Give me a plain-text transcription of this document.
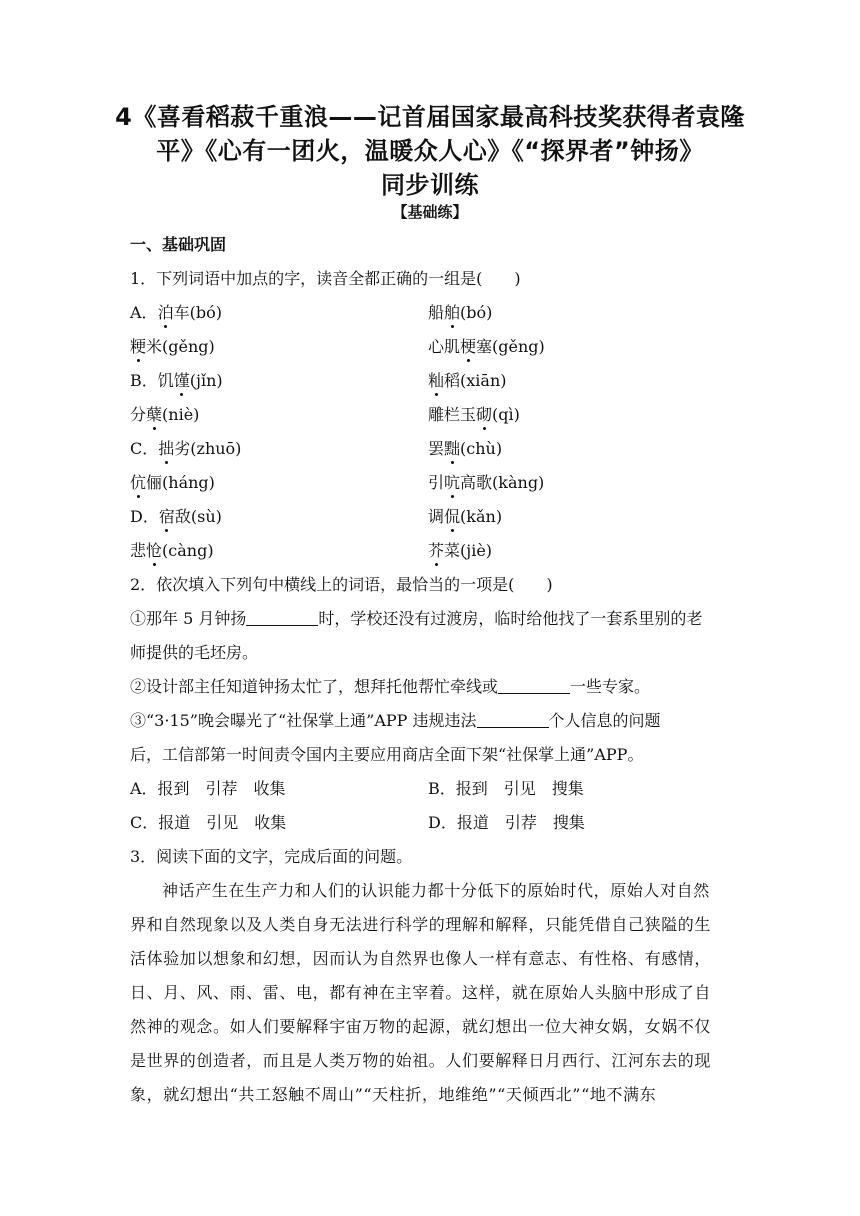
4《喜看稻菽千重浪——记首届国家最高科技奖获得者袁隆
平》《心有一团火，温暖众人心》《“探界者”钟扬》
同步训练
【基础练】
一、基础巩固
1．下列词语中加点的字，读音全都正确的一组是(　　)
A．泊车(bó)	船舶(bó)
粳米(gěng)	心肌梗塞(gěng)
B．饥馑(jǐn)	籼稻(xiān)
分蘖(niè)	雕栏玉砌(qì)
C．拙劣(zhuō)	罢黜(chù)
伉俪(háng)	引吭高歌(kàng)
D．宿敌(sù)	调侃(kǎn)
悲怆(càng)	芥菜(jiè)
2．依次填入下列句中横线上的词语，最恰当的一项是(　　)
①那年 5 月钟扬	时，学校还没有过渡房，临时给他找了一套系里别的老
师提供的毛坯房。
②设计部主任知道钟扬太忙了，想拜托他帮忙牵线或	一些专家。
③“3·15”晚会曝光了“社保掌上通”APP 违规违法	个人信息的问题
后，工信部第一时间责令国内主要应用商店全面下架“社保掌上通”APP。
A．报到　引荐　收集	B．报到　引见　搜集
C．报道　引见　收集	D．报道　引荐　搜集
3．阅读下面的文字，完成后面的问题。
神话产生在生产力和人们的认识能力都十分低下的原始时代，原始人对自然
界和自然现象以及人类自身无法进行科学的理解和解释，只能凭借自己狭隘的生
活体验加以想象和幻想，因而认为自然界也像人一样有意志、有性格、有感情，
日、月、风、雨、雷、电，都有神在主宰着。这样，就在原始人头脑中形成了自
然神的观念。如人们要解释宇宙万物的起源，就幻想出一位大神女娲，女娲不仅
是世界的创造者，而且是人类万物的始祖。人们要解释日月西行、江河东去的现
象，就幻想出“共工怒触不周山”“天柱折，地维绝”“天倾西北”“地不满东
